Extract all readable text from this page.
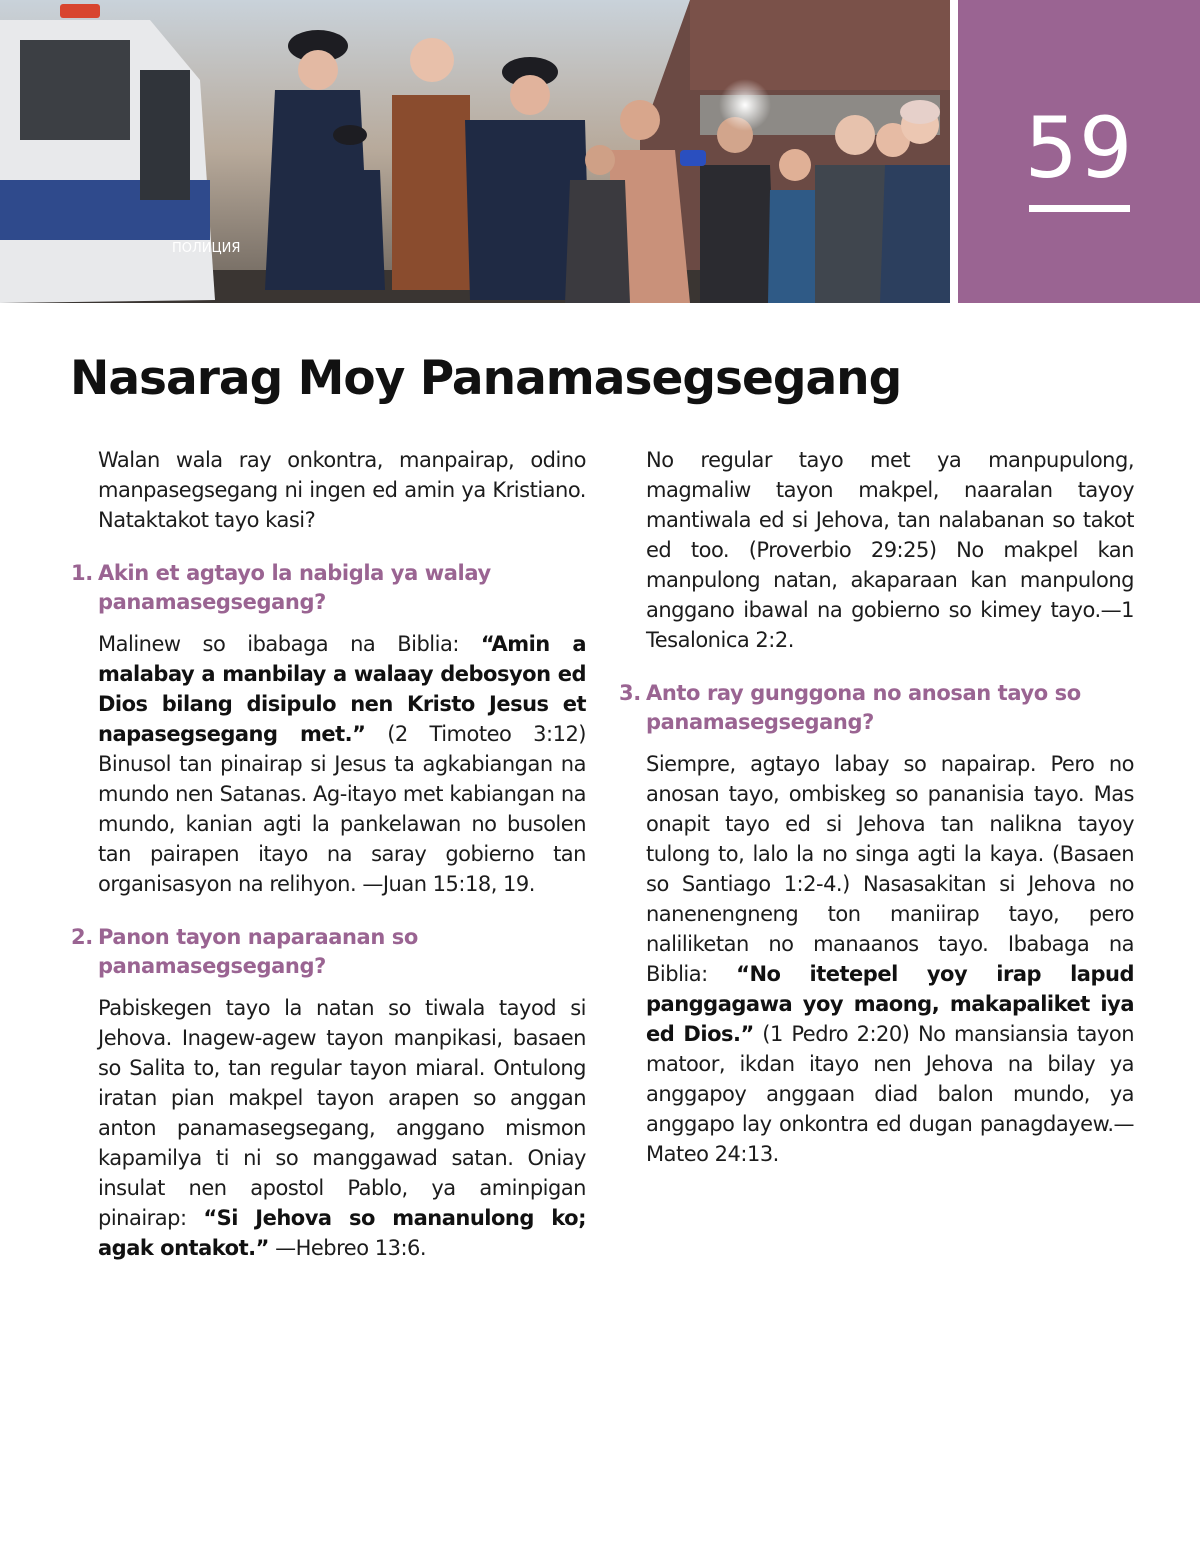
ПОЛИЦИЯ
59
Nasarag Moy Panamasegsegang

Walan wala ray onkontra, manpairap, odino manpasegsegang ni ingen ed amin ya Kristiano. Nataktakot tayo kasi?

1. Akin et agtayo la nabigla ya walay panamasegsegang?

Malinew so ibabaga na Biblia: “Amin a malabay a manbilay a walaay debosyon ed Dios bilang disipulo nen Kristo Jesus et napasegsegang met.” (2 Timoteo 3:12) Binusol tan pinairap si Jesus ta agkabiangan na mundo nen Satanas. Ag-itayo met kabiangan na mundo, kanian agti la pankelawan no busolen tan pairapen itayo na saray gobierno tan organisasyon na relihyon. —Juan 15:18, 19.

2. Panon tayon naparaanan so panamasegsegang?

Pabiskegen tayo la natan so tiwala tayod si Jehova. Inagew-agew tayon manpikasi, basaen so Salita to, tan regular tayon miaral. Ontulong iratan pian makpel tayon arapen so anggan anton panamasegsegang, anggano mismon kapamilya ti ni so manggawad satan. Oniay insulat nen apostol Pablo, ya aminpigan pinairap: “Si Jehova so mananulong ko; agak ontakot.” —Hebreo 13:6.

No regular tayo met ya manpupulong, magmaliw tayon makpel, naaralan tayoy mantiwala ed si Jehova, tan nalabanan so takot ed too. (Proverbio 29:25) No makpel kan manpulong natan, akaparaan kan manpulong anggano ibawal na gobierno so kimey tayo.—1 Tesalonica 2:2.

3. Anto ray gunggona no anosan tayo so panamasegsegang?

Siempre, agtayo labay so napairap. Pero no anosan tayo, ombiskeg so pananisia tayo. Mas onapit tayo ed si Jehova tan nalikna tayoy tulong to, lalo la no singa agti la kaya. (Basaen so Santiago 1:2-4.) Nasasakitan si Jehova no nanenengneng ton maniirap tayo, pero naliliketan no manaanos tayo. Ibabaga na Biblia: “No itetepel yoy irap lapud panggagawa yoy maong, makapaliket iya ed Dios.” (1 Pedro 2:20) No mansiansia tayon matoor, ikdan itayo nen Jehova na bilay ya anggapoy anggaan diad balon mundo, ya anggapo lay onkontra ed dugan panagdayew.—Mateo 24:13.
